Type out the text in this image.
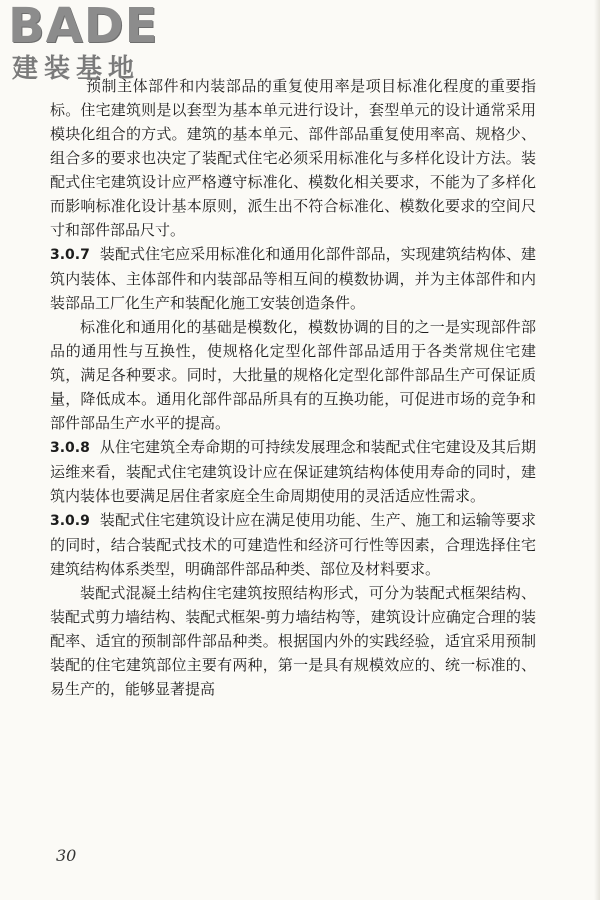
BADE
建装基地

预制主体部件和内装部品的重复使用率是项目标准化程度的重要指标。住宅建筑则是以套型为基本单元进行设计，套型单元的设计通常采用模块化组合的方式。建筑的基本单元、部件部品重复使用率高、规格少、组合多的要求也决定了装配式住宅必须采用标准化与多样化设计方法。装配式住宅建筑设计应严格遵守标准化、模数化相关要求，不能为了多样化而影响标准化设计基本原则，派生出不符合标准化、模数化要求的空间尺寸和部件部品尺寸。

3.0.7 装配式住宅应采用标准化和通用化部件部品，实现建筑结构体、建筑内装体、主体部件和内装部品等相互间的模数协调，并为主体部件和内装部品工厂化生产和装配化施工安装创造条件。

标准化和通用化的基础是模数化，模数协调的目的之一是实现部件部品的通用性与互换性，使规格化定型化部件部品适用于各类常规住宅建筑，满足各种要求。同时，大批量的规格化定型化部件部品生产可保证质量，降低成本。通用化部件部品所具有的互换功能，可促进市场的竞争和部件部品生产水平的提高。

3.0.8 从住宅建筑全寿命期的可持续发展理念和装配式住宅建设及其后期运维来看，装配式住宅建筑设计应在保证建筑结构体使用寿命的同时，建筑内装体也要满足居住者家庭全生命周期使用的灵活适应性需求。

3.0.9 装配式住宅建筑设计应在满足使用功能、生产、施工和运输等要求的同时，结合装配式技术的可建造性和经济可行性等因素，合理选择住宅建筑结构体系类型，明确部件部品种类、部位及材料要求。

装配式混凝土结构住宅建筑按照结构形式，可分为装配式框架结构、装配式剪力墙结构、装配式框架-剪力墙结构等，建筑设计应确定合理的装配率、适宜的预制部件部品种类。根据国内外的实践经验，适宜采用预制装配的住宅建筑部位主要有两种，第一是具有规模效应的、统一标准的、易生产的，能够显著提高

30
